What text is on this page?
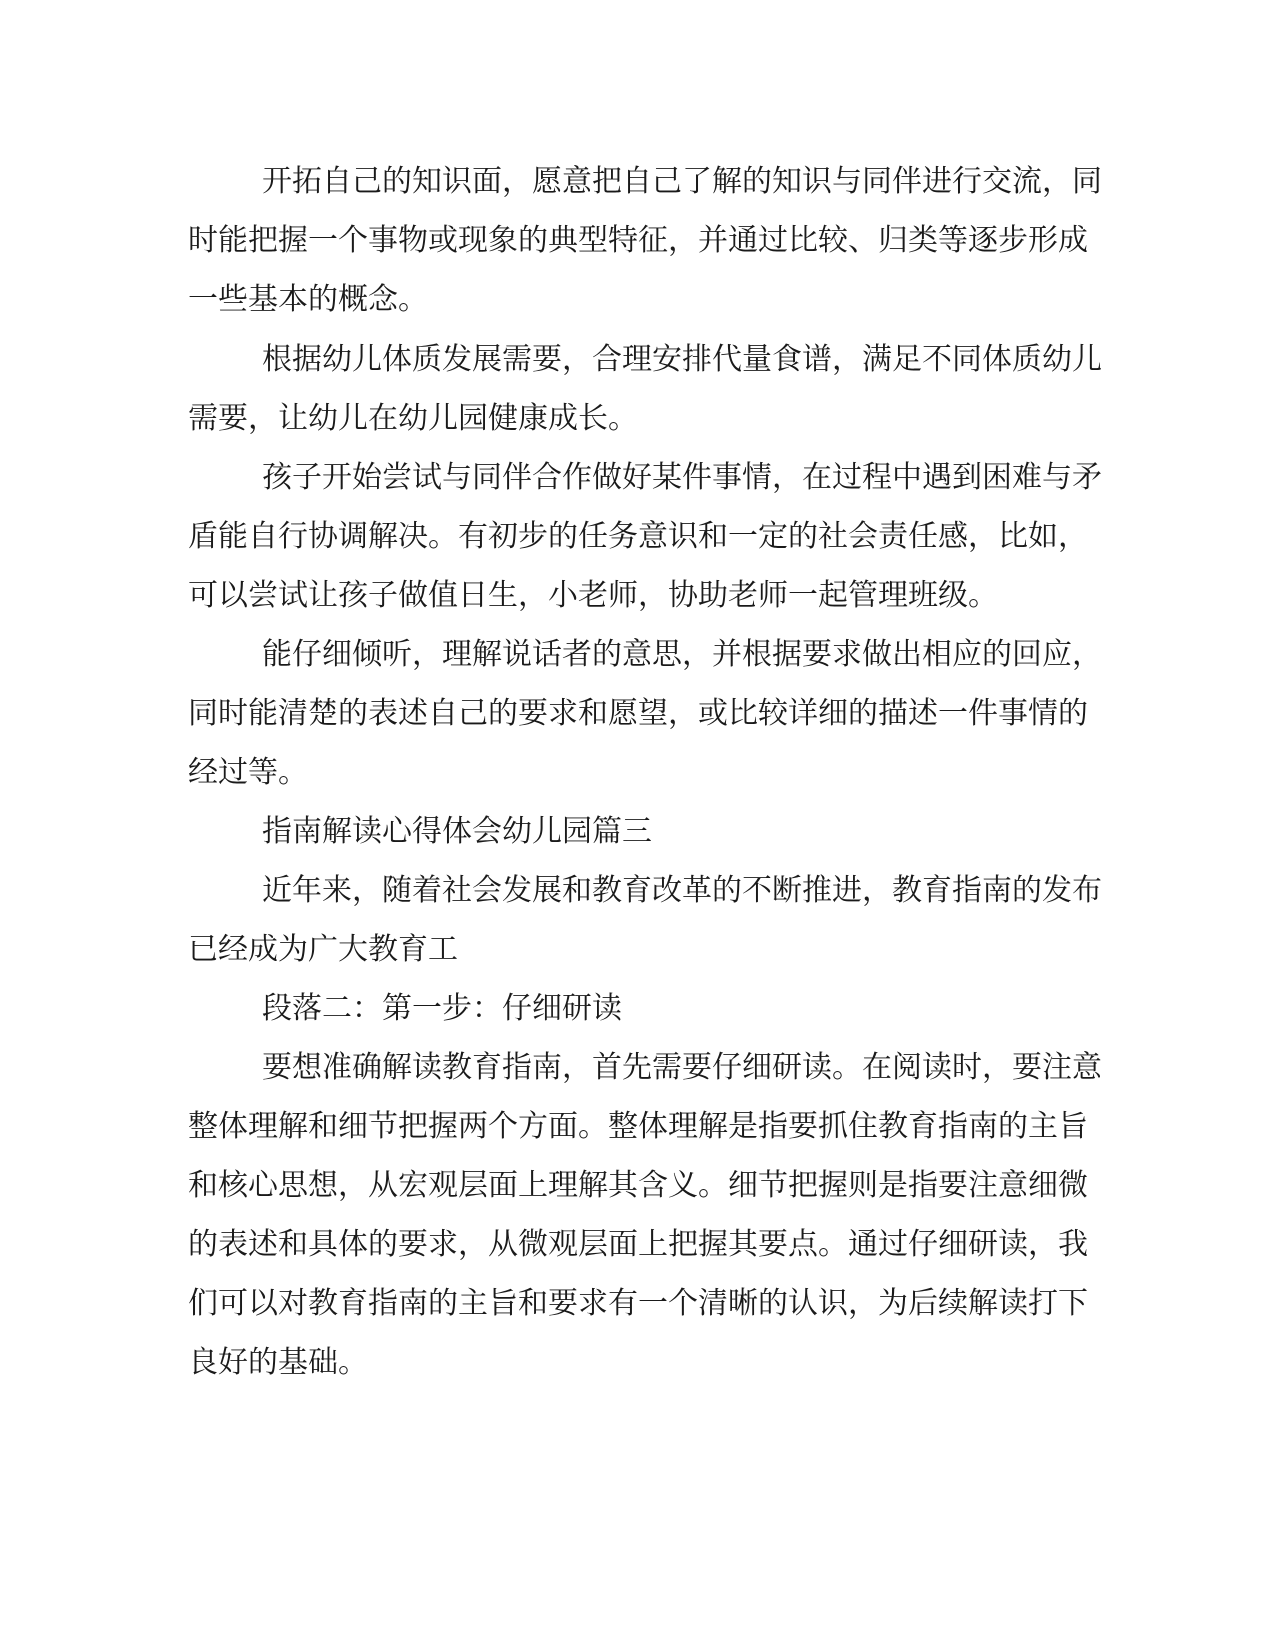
开拓自己的知识面，愿意把自己了解的知识与同伴进行交流，同
时能把握一个事物或现象的典型特征，并通过比较、归类等逐步形成
一些基本的概念。
根据幼儿体质发展需要，合理安排代量食谱，满足不同体质幼儿
需要，让幼儿在幼儿园健康成长。
孩子开始尝试与同伴合作做好某件事情，在过程中遇到困难与矛
盾能自行协调解决。有初步的任务意识和一定的社会责任感，比如，
可以尝试让孩子做值日生，小老师，协助老师一起管理班级。
能仔细倾听，理解说话者的意思，并根据要求做出相应的回应，
同时能清楚的表述自己的要求和愿望，或比较详细的描述一件事情的
经过等。
指南解读心得体会幼儿园篇三
近年来，随着社会发展和教育改革的不断推进，教育指南的发布
已经成为广大教育工
段落二：第一步：仔细研读
要想准确解读教育指南，首先需要仔细研读。在阅读时，要注意
整体理解和细节把握两个方面。整体理解是指要抓住教育指南的主旨
和核心思想，从宏观层面上理解其含义。细节把握则是指要注意细微
的表述和具体的要求，从微观层面上把握其要点。通过仔细研读，我
们可以对教育指南的主旨和要求有一个清晰的认识，为后续解读打下
良好的基础。
